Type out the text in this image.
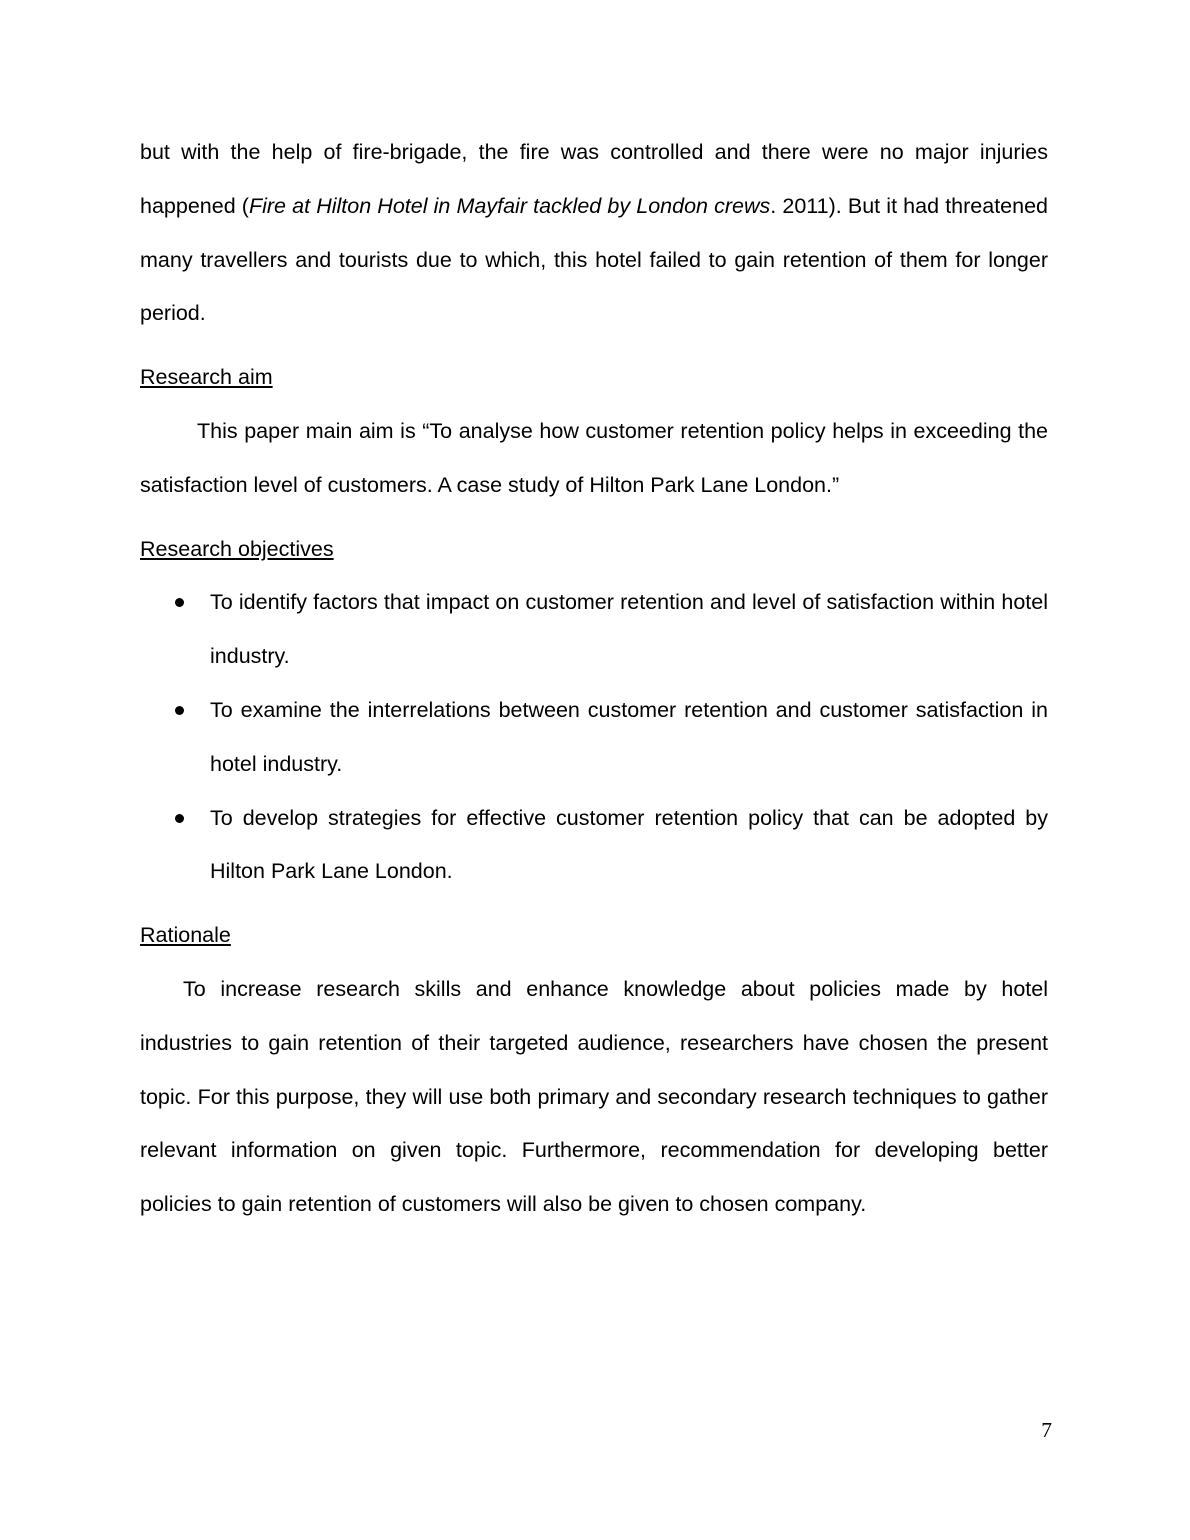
but with the help of fire-brigade, the fire was controlled and there were no major injuries happened (Fire at Hilton Hotel in Mayfair tackled by London crews. 2011). But it had threatened many travellers and tourists due to which, this hotel failed to gain retention of them for longer period.

Research aim

This paper main aim is “To analyse how customer retention policy helps in exceeding the satisfaction level of customers. A case study of Hilton Park Lane London.”

Research objectives

To identify factors that impact on customer retention and level of satisfaction within hotel industry.
To examine the interrelations between customer retention and customer satisfaction in hotel industry.
To develop strategies for effective customer retention policy that can be adopted by Hilton Park Lane London.

Rationale

To increase research skills and enhance knowledge about policies made by hotel industries to gain retention of their targeted audience, researchers have chosen the present topic. For this purpose, they will use both primary and secondary research techniques to gather relevant information on given topic. Furthermore, recommendation for developing better policies to gain retention of customers will also be given to chosen company.

7
